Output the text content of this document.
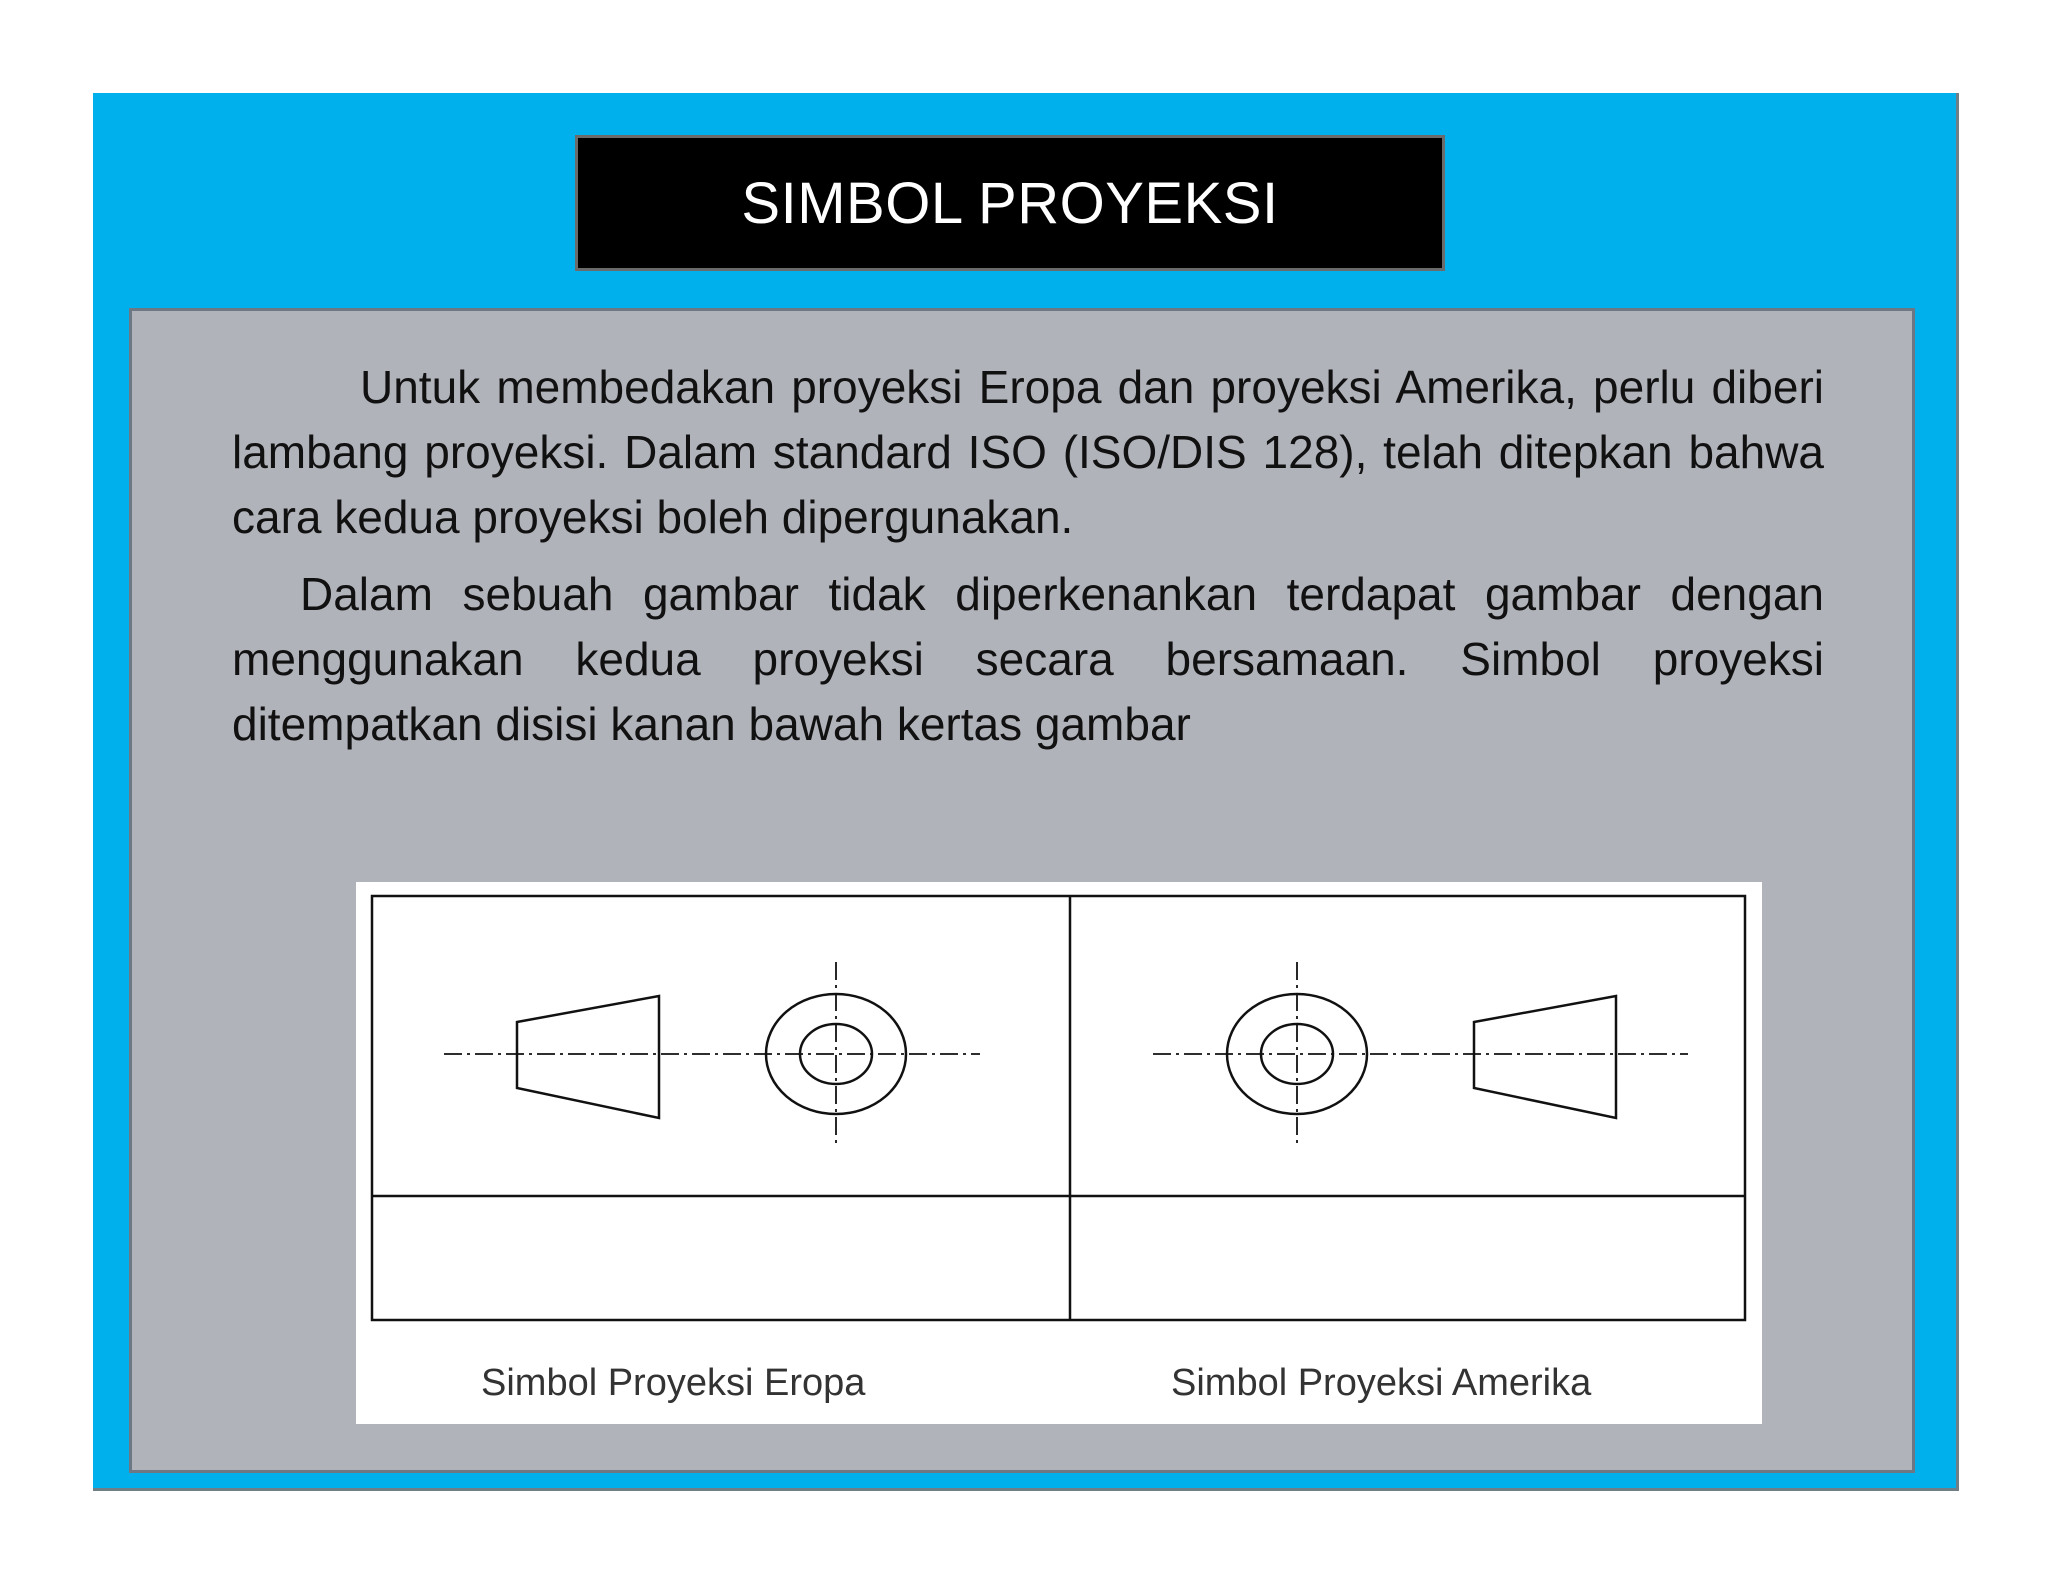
SIMBOL PROYEKSI

Untuk membedakan proyeksi Eropa dan proyeksi Amerika, perlu diberi lambang proyeksi. Dalam standard ISO (ISO/DIS 128), telah ditepkan bahwa cara kedua proyeksi boleh dipergunakan.

Dalam sebuah gambar tidak diperkenankan terdapat gambar dengan menggunakan kedua proyeksi secara bersamaan. Simbol proyeksi ditempatkan disisi kanan bawah kertas gambar

Simbol Proyeksi Eropa	Simbol Proyeksi Amerika
